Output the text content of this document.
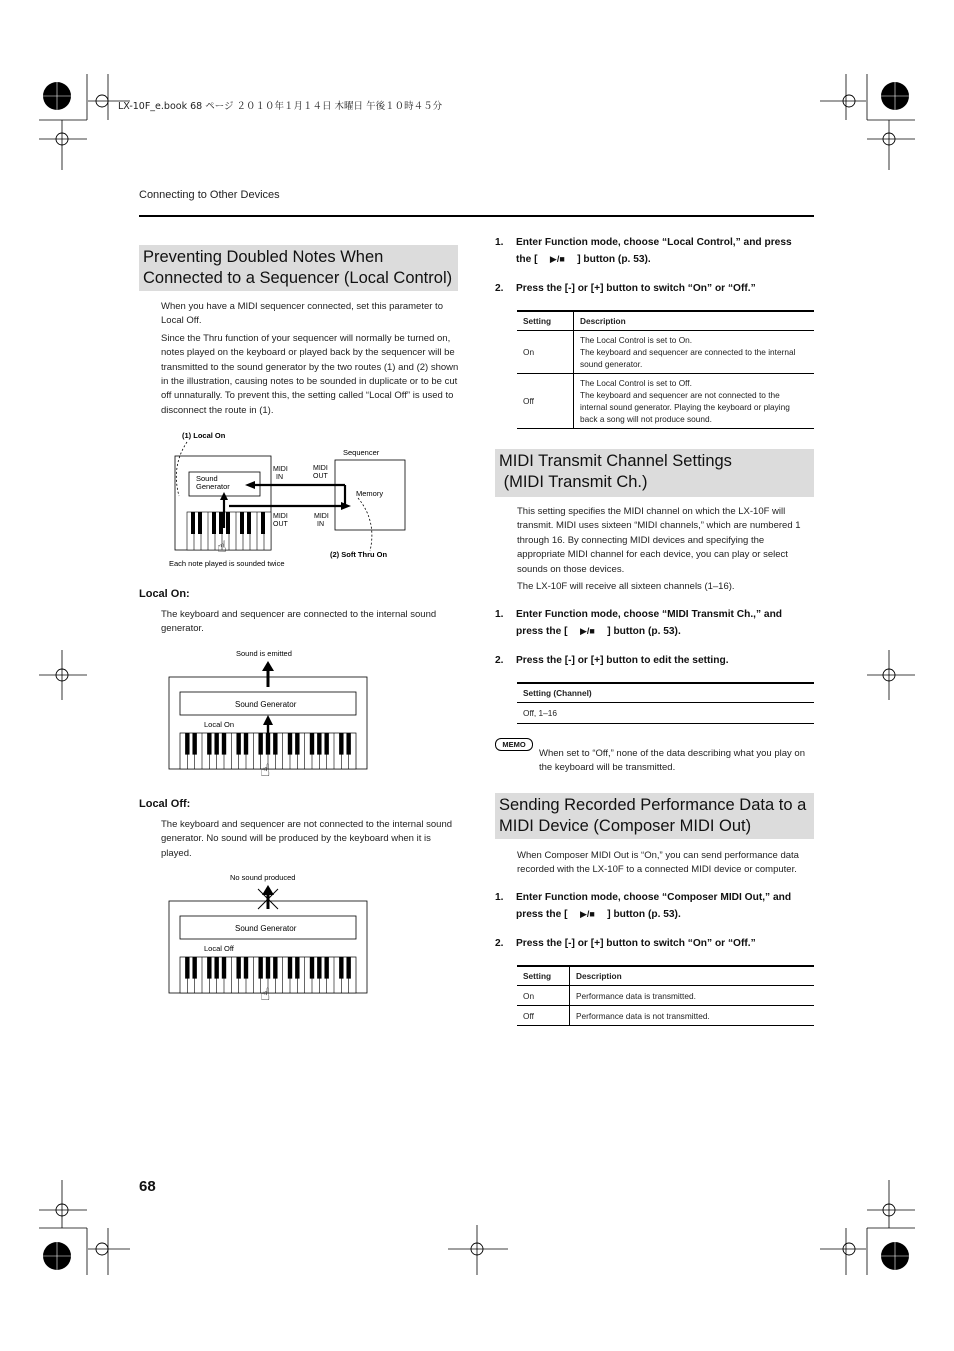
LX-10F_e.book 68 ページ ２０１０年１月１４日 木曜日 午後１０時４５分
Connecting to Other Devices
Preventing Doubled Notes When
Connected to a Sequencer (Local Control)

When you have a MIDI sequencer connected, set this parameter to Local Off.

Since the Thru function of your sequencer will normally be turned on, notes played on the keyboard or played back by the sequencer will be transmitted to the sound generator by the two routes (1) and (2) shown in the illustration, causing notes to be sounded in duplicate or to be cut off unnaturally. To prevent this, the setting called “Local Off” is used to disconnect the route in (1).

(1) Local On
Sound
Generator
☝
MIDI
IN
MIDI
OUT
MIDI
OUT
MIDI
IN
Sequencer
Memory
(2) Soft Thru On
Each note played is sounded twice
Local On:
The keyboard and sequencer are connected to the internal sound generator.
Sound is emitted
Sound Generator
Local On
☝
Local Off:
The keyboard and sequencer are not connected to the internal sound generator. No sound will be produced by the keyboard when it is played.
No sound produced
Sound Generator
Local Off
☝
68
1. Enter Function mode, choose “Local Control,” and press
the [ ▶/■ ] button (p. 53).
2. Press the [-] or [+] button to switch “On” or “Off.”
Setting	Description
On	The Local Control is set to On.
The keyboard and sequencer are connected to the internal sound generator.
Off	The Local Control is set to Off.
The keyboard and sequencer are not connected to the internal sound generator. Playing the keyboard or playing back a song will not produce sound.
MIDI Transmit Channel Settings
(MIDI Transmit Ch.)

This setting specifies the MIDI channel on which the LX-10F will transmit. MIDI uses sixteen “MIDI channels,” which are numbered 1 through 16. By connecting MIDI devices and specifying the appropriate MIDI channel for each device, you can play or select sounds on those devices.

The LX-10F will receive all sixteen channels (1–16).

1. Enter Function mode, choose “MIDI Transmit Ch.,” and
press the [ ▶/■ ] button (p. 53).
2. Press the [-] or [+] button to edit the setting.
Setting (Channel)
Off, 1–16
MEMO
When set to “Off,” none of the data describing what you play on the keyboard will be transmitted.
Sending Recorded Performance Data to a
MIDI Device (Composer MIDI Out)
When Composer MIDI Out is “On,” you can send performance data recorded with the LX-10F to a connected MIDI device or computer.
1. Enter Function mode, choose “Composer MIDI Out,” and
press the [ ▶/■ ] button (p. 53).
2. Press the [-] or [+] button to switch “On” or “Off.”
Setting	Description
On	Performance data is transmitted.
Off	Performance data is not transmitted.
